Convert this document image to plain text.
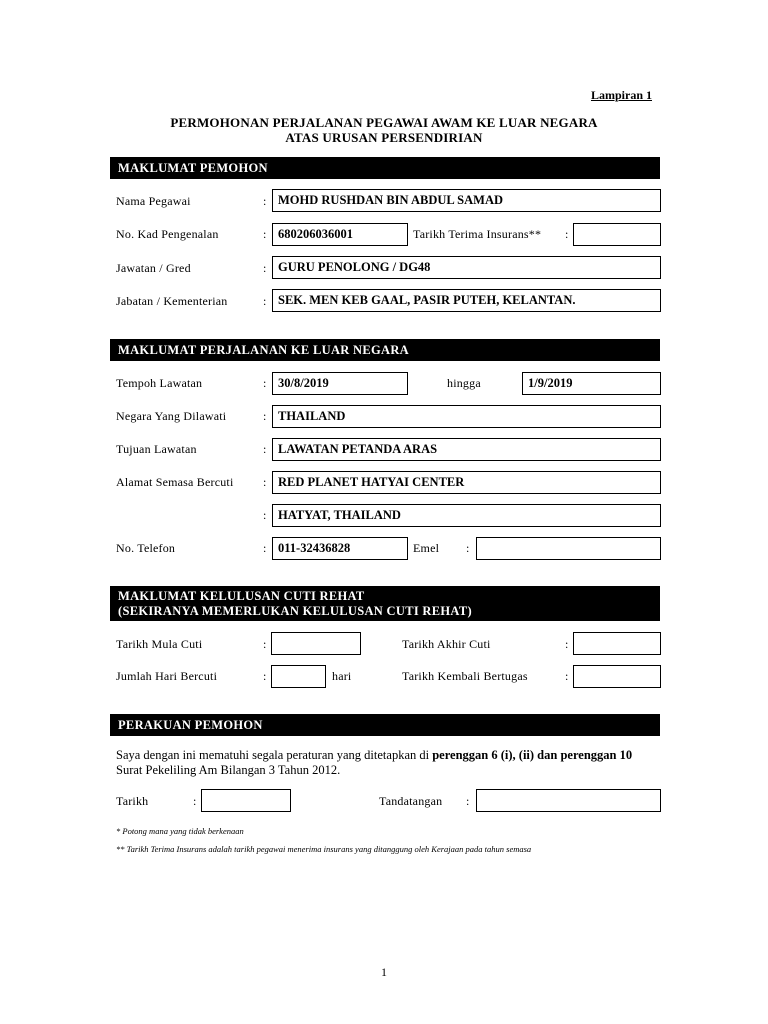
Lampiran 1
PERMOHONAN PERJALANAN PEGAWAI AWAM KE LUAR NEGARA
ATAS URUSAN PERSENDIRIAN
MAKLUMAT PEMOHON
Nama Pegawai	: MOHD RUSHDAN BIN ABDUL SAMAD
No. Kad Pengenalan	: 680206036001	Tarikh Terima Insurans** :
Jawatan / Gred	: GURU PENOLONG / DG48
Jabatan / Kementerian	: SEK. MEN KEB GAAL, PASIR PUTEH, KELANTAN.
MAKLUMAT PERJALANAN KE LUAR NEGARA
Tempoh Lawatan	: 30/8/2019	hingga	1/9/2019
Negara Yang Dilawati	: THAILAND
Tujuan Lawatan	: LAWATAN PETANDA ARAS
Alamat Semasa Bercuti : RED PLANET HATYAI CENTER
: HATYAT, THAILAND
No. Telefon	: 011-32436828	Emel :
MAKLUMAT KELULUSAN CUTI REHAT
(SEKIRANYA MEMERLUKAN KELULUSAN CUTI REHAT)
Tarikh Mula Cuti	:	Tarikh Akhir Cuti	:
Jumlah Hari Bercuti	:	hari	Tarikh Kembali Bertugas	:
PERAKUAN PEMOHON
Saya dengan ini mematuhi segala peraturan yang ditetapkan di perenggan 6 (i), (ii) dan perenggan 10
Surat Pekeliling Am Bilangan 3 Tahun 2012.
Tarikh	:	Tandatangan :
* Potong mana yang tidak berkenaan
** Tarikh Terima Insurans adalah tarikh pegawai menerima insurans yang ditanggung oleh Kerajaan pada tahun semasa
1
